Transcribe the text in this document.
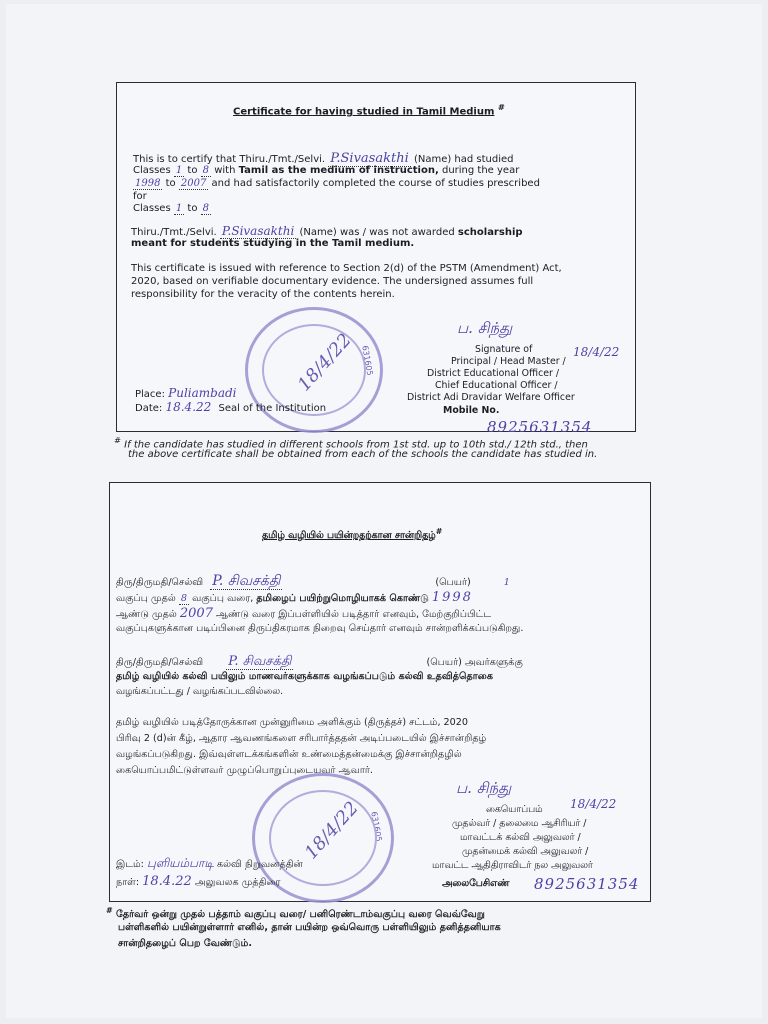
Certificate for having studied in Tamil Medium #
This is to certify that Thiru./Tmt./Selvi. P.Sivasakthi (Name) had studied
Classes 1 to 8 with Tamil as the medium of instruction, during the year
1998 to 2007 and had satisfactorily completed the course of studies prescribed
for
Classes 1 to 8
Thiru./Tmt./Selvi. P.Sivasakthi (Name) was / was not awarded scholarship
meant for students studying in the Tamil medium.
This certificate is issued with reference to Section 2(d) of the PSTM (Amendment) Act,
2020, based on verifiable documentary evidence. The undersigned assumes full
responsibility for the veracity of the contents herein.
18/4/22 631605
ப. சிந்து
18/4/22
Signature of
Principal / Head Master /
District Educational Officer /
Chief Educational Officer /
District Adi Dravidar Welfare Officer
Mobile No.
8925631354
Place: Puliambadi
Date: 18.4.22 Seal of the Institution
# If the candidate has studied in different schools from 1st std. up to 10th std./ 12th std., then
the above certificate shall be obtained from each of the schools the candidate has studied in.
தமிழ் வழியில் பயின்றதற்கான சான்றிதழ்#
திரு/திருமதி/செல்வி P. சிவசக்தி	(பெயர்)	1
வகுப்பு முதல் 8 வகுப்பு வரை, தமிழைப் பயிற்றுமொழியாகக் கொண்டு 1998
ஆண்டு முதல் 2007 ஆண்டு வரை இப்பள்ளியில் படித்தார் எனவும், மேற்குறிப்பிட்ட
வகுப்புகளுக்கான படிப்பினை திருப்திகரமாக நிறைவு செய்தார் எனவும் சான்றளிக்கப்படுகிறது.
திரு/திருமதி/செல்வி P. சிவசக்தி	(பெயர்) அவர்களுக்கு
தமிழ் வழியில் கல்வி பயிலும் மாணவர்களுக்காக வழங்கப்படும் கல்வி உதவித்தொகை
வழங்கப்பட்டது / வழங்கப்படவில்லை.
தமிழ் வழியில் படித்தோருக்கான முன்னுரிமை அளிக்கும் (திருத்தச்) சட்டம், 2020
பிரிவு 2 (d)ன் கீழ், ஆதார ஆவணங்களை சரிபார்த்ததன் அடிப்படையில் இச்சான்றிதழ்
வழங்கப்படுகிறது. இவ்வுள்ளடக்கங்களின் உண்மைத்தன்மைக்கு இச்சான்றிதழில்
கையொப்பமிட்டுள்ளவர் முழுப்பொறுப்புடையவர் ஆவார்.
18/4/22 631605
ப. சிந்து
18/4/22
கையொப்பம்
முதல்வர் / தலைமை ஆசிரியர் /
மாவட்டக் கல்வி அலுவலர் /
முதன்மைக் கல்வி அலுவலர் /
மாவட்ட ஆதிதிராவிடர் நல அலுவலர்
அலைபேசிஎண் 8925631354
இடம்: புளியம்பாடி கல்வி நிறுவனத்தின்
நாள்: 18.4.22 அலுவலக முத்திரை
# தேர்வர் ஒன்று முதல் பத்தாம் வகுப்பு வரை/ பனிரெண்டாம்வகுப்பு வரை வெவ்வேறு
பள்ளிகளில் பயின்றுள்ளார் எனில், தான் பயின்ற ஒவ்வொரு பள்ளியிலும் தனித்தனியாக
சான்றிதழைப் பெற வேண்டும்.
